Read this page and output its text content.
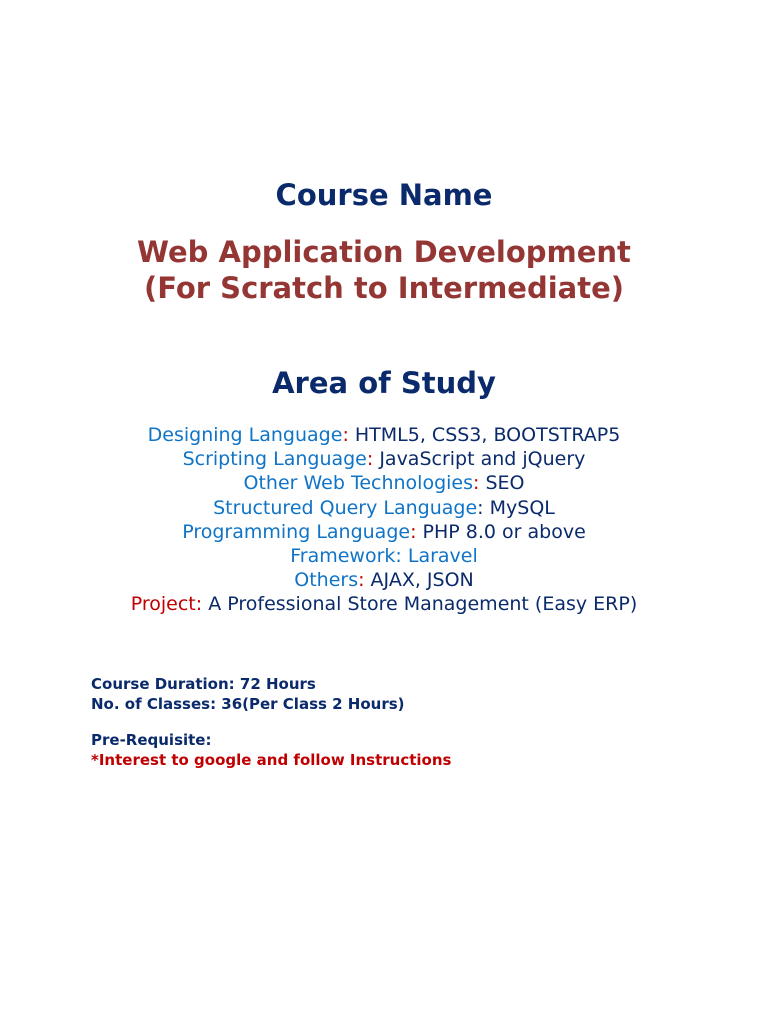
Course Name
Web Application Development
(For Scratch to Intermediate)
Area of Study
Designing Language: HTML5, CSS3, BOOTSTRAP5
Scripting Language: JavaScript and jQuery
Other Web Technologies: SEO
Structured Query Language: MySQL
Programming Language: PHP 8.0 or above
Framework: Laravel
Others: AJAX, JSON
Project: A Professional Store Management (Easy ERP)
Course Duration: 72 Hours
No. of Classes: 36(Per Class 2 Hours)
Pre-Requisite:
*Interest to google and follow Instructions
